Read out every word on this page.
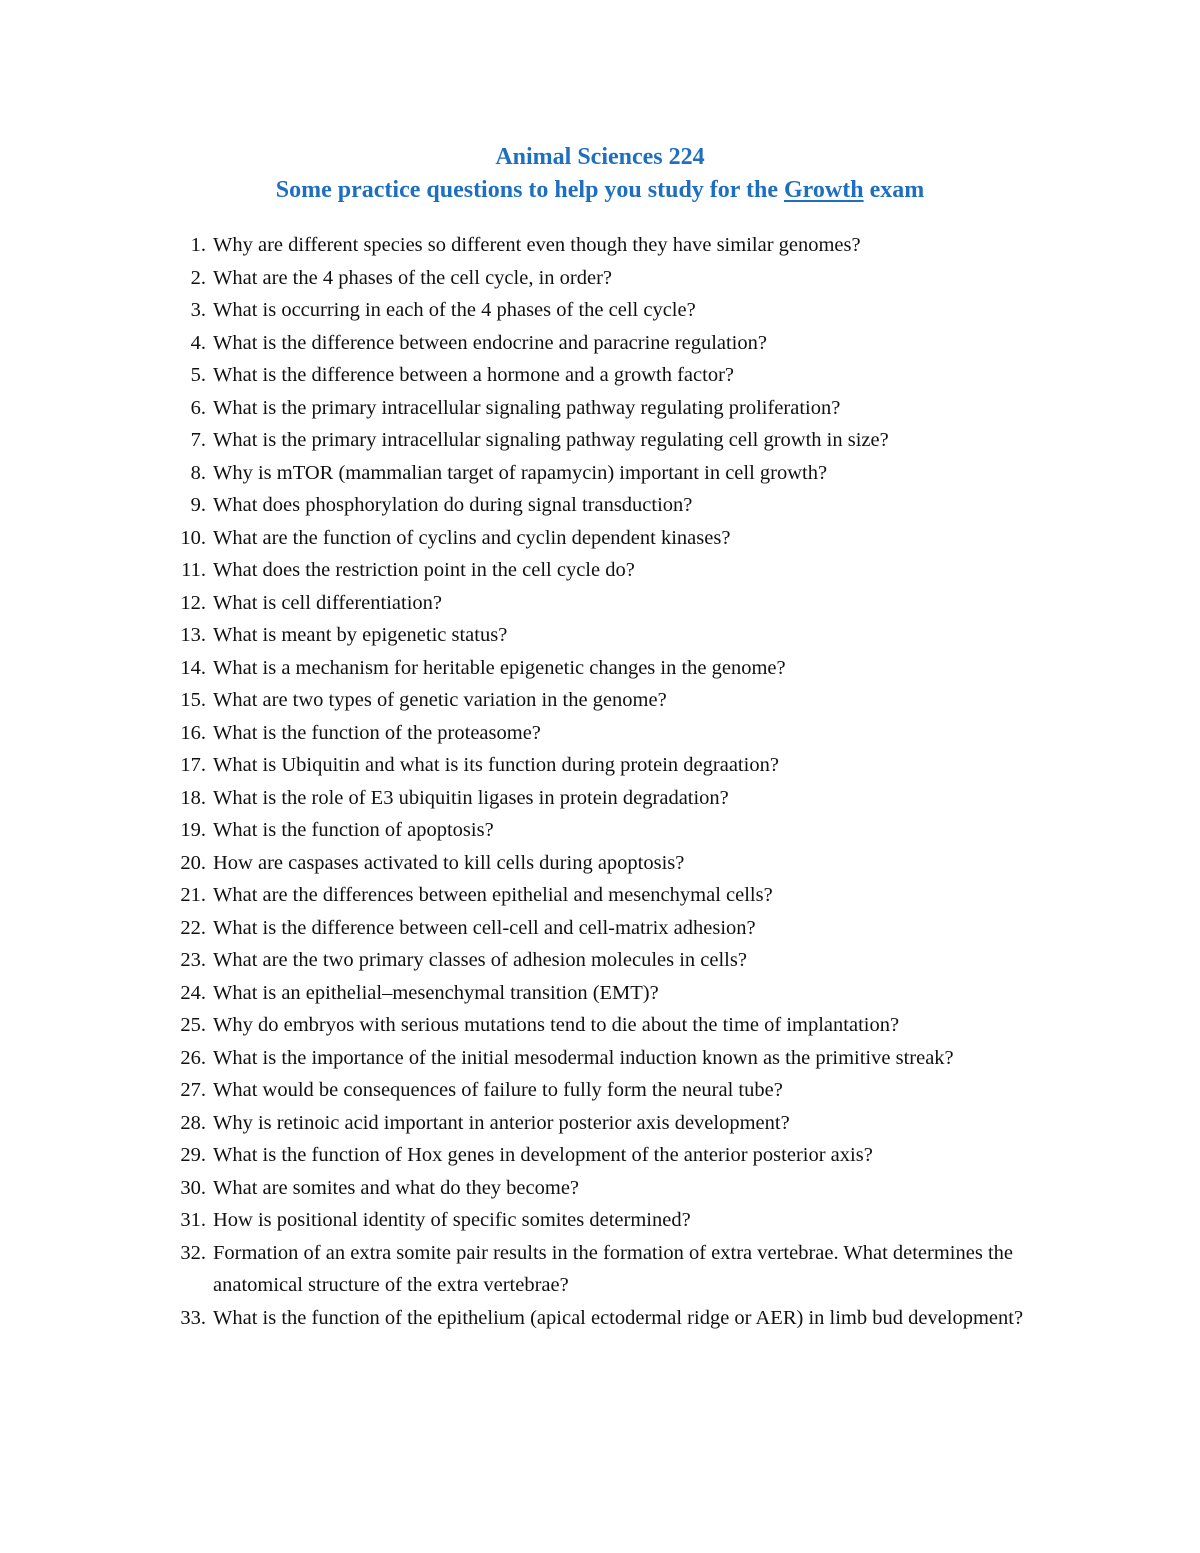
Animal Sciences 224
Some practice questions to help you study for the Growth exam
1. Why are different species so different even though they have similar genomes?
2. What are the 4 phases of the cell cycle, in order?
3. What is occurring in each of the 4 phases of the cell cycle?
4. What is the difference between endocrine and paracrine regulation?
5. What is the difference between a hormone and a growth factor?
6. What is the primary intracellular signaling pathway regulating proliferation?
7. What is the primary intracellular signaling pathway regulating cell growth in size?
8. Why is mTOR (mammalian target of rapamycin) important in cell growth?
9. What does phosphorylation do during signal transduction?
10. What are the function of cyclins and cyclin dependent kinases?
11. What does the restriction point in the cell cycle do?
12. What is cell differentiation?
13. What is meant by epigenetic status?
14. What is a mechanism for heritable epigenetic changes in the genome?
15. What are two types of genetic variation in the genome?
16. What is the function of the proteasome?
17. What is Ubiquitin and what is its function during protein degraation?
18. What is the role of E3 ubiquitin ligases in protein degradation?
19. What is the function of apoptosis?
20. How are caspases activated to kill cells during apoptosis?
21. What are the differences between epithelial and mesenchymal cells?
22. What is the difference between cell-cell and cell-matrix adhesion?
23. What are the two primary classes of adhesion molecules in cells?
24. What is an epithelial–mesenchymal transition (EMT)?
25. Why do embryos with serious mutations tend to die about the time of implantation?
26. What is the importance of the initial mesodermal induction known as the primitive streak?
27. What would be consequences of failure to fully form the neural tube?
28. Why is retinoic acid important in anterior posterior axis development?
29. What is the function of Hox genes in development of the anterior posterior axis?
30. What are somites and what do they become?
31. How is positional identity of specific somites determined?
32. Formation of an extra somite pair results in the formation of extra vertebrae. What determines the anatomical structure of the extra vertebrae?
33. What is the function of the epithelium (apical ectodermal ridge or AER) in limb bud development?
